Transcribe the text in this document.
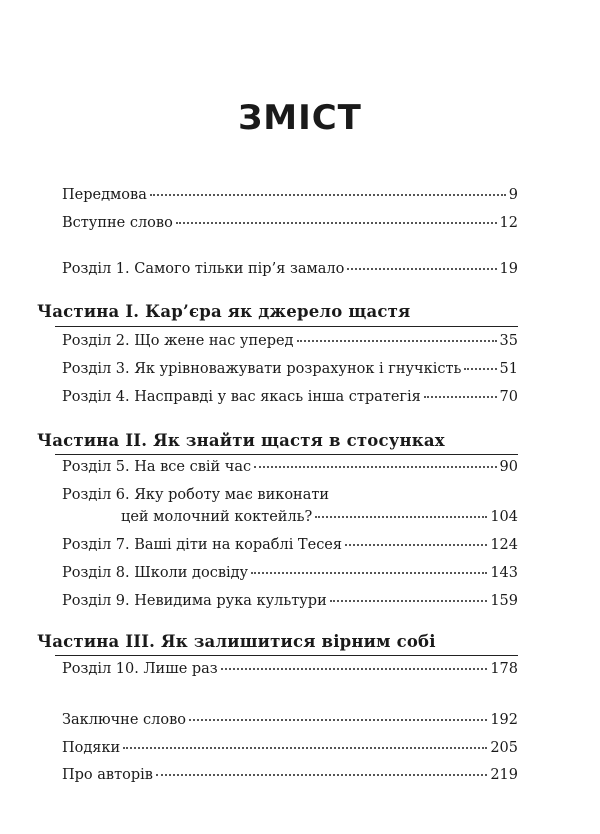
ЗМІСТ
Передмова	9
Вступне слово	12
Розділ 1. Самого тільки пір’я замало	19
Частина I. Кар’єра як джерело щастя
Розділ 2. Що жене нас уперед	35
Розділ 3. Як урівноважувати розрахунок і гнучкість	51
Розділ 4. Насправді у вас якась інша стратегія	70
Частина II. Як знайти щастя в стосунках
Розділ 5. На все свій час	90
Розділ 6. Яку роботу має виконати
цей молочний коктейль?	104
Розділ 7. Ваші діти на кораблі Тесея	124
Розділ 8. Школи досвіду	143
Розділ 9. Невидима рука культури	159
Частина III. Як залишитися вірним собі
Розділ 10. Лише раз	178
Заключне слово	192
Подяки	205
Про авторів	219
